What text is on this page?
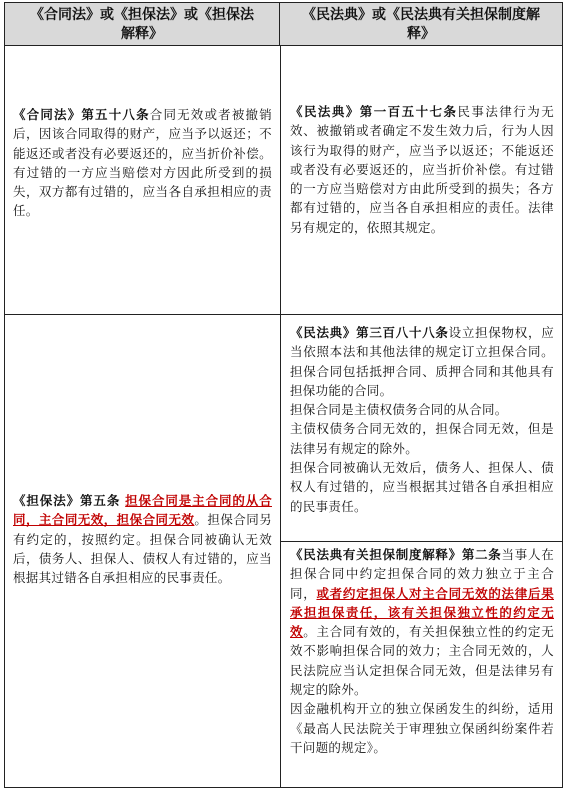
《合同法》或《担保法》或《担保法解释》
《民法典》或《民法典有关担保制度解释》
《合同法》第五十八条合同无效或者被撤销后，因该合同取得的财产，应当予以返还；不能返还或者没有必要返还的，应当折价补偿。有过错的一方应当赔偿对方因此所受到的损失，双方都有过错的，应当各自承担相应的责任。
《民法典》第一百五十七条民事法律行为无效、被撤销或者确定不发生效力后，行为人因该行为取得的财产，应当予以返还；不能返还或者没有必要返还的，应当折价补偿。有过错的一方应当赔偿对方由此所受到的损失；各方都有过错的，应当各自承担相应的责任。法律另有规定的，依照其规定。
《担保法》第五条 担保合同是主合同的从合同，主合同无效，担保合同无效。担保合同另有约定的，按照约定。担保合同被确认无效后，债务人、担保人、债权人有过错的，应当根据其过错各自承担相应的民事责任。
《民法典》第三百八十八条设立担保物权，应当依照本法和其他法律的规定订立担保合同。担保合同包括抵押合同、质押合同和其他具有担保功能的合同。
担保合同是主债权债务合同的从合同。
主债权债务合同无效的，担保合同无效，但是法律另有规定的除外。
担保合同被确认无效后，债务人、担保人、债权人有过错的，应当根据其过错各自承担相应的民事责任。
《民法典有关担保制度解释》第二条当事人在担保合同中约定担保合同的效力独立于主合同，或者约定担保人对主合同无效的法律后果承担担保责任，该有关担保独立性的约定无效。主合同有效的，有关担保独立性的约定无效不影响担保合同的效力；主合同无效的，人民法院应当认定担保合同无效，但是法律另有规定的除外。
因金融机构开立的独立保函发生的纠纷，适用《最高人民法院关于审理独立保函纠纷案件若干问题的规定》。
